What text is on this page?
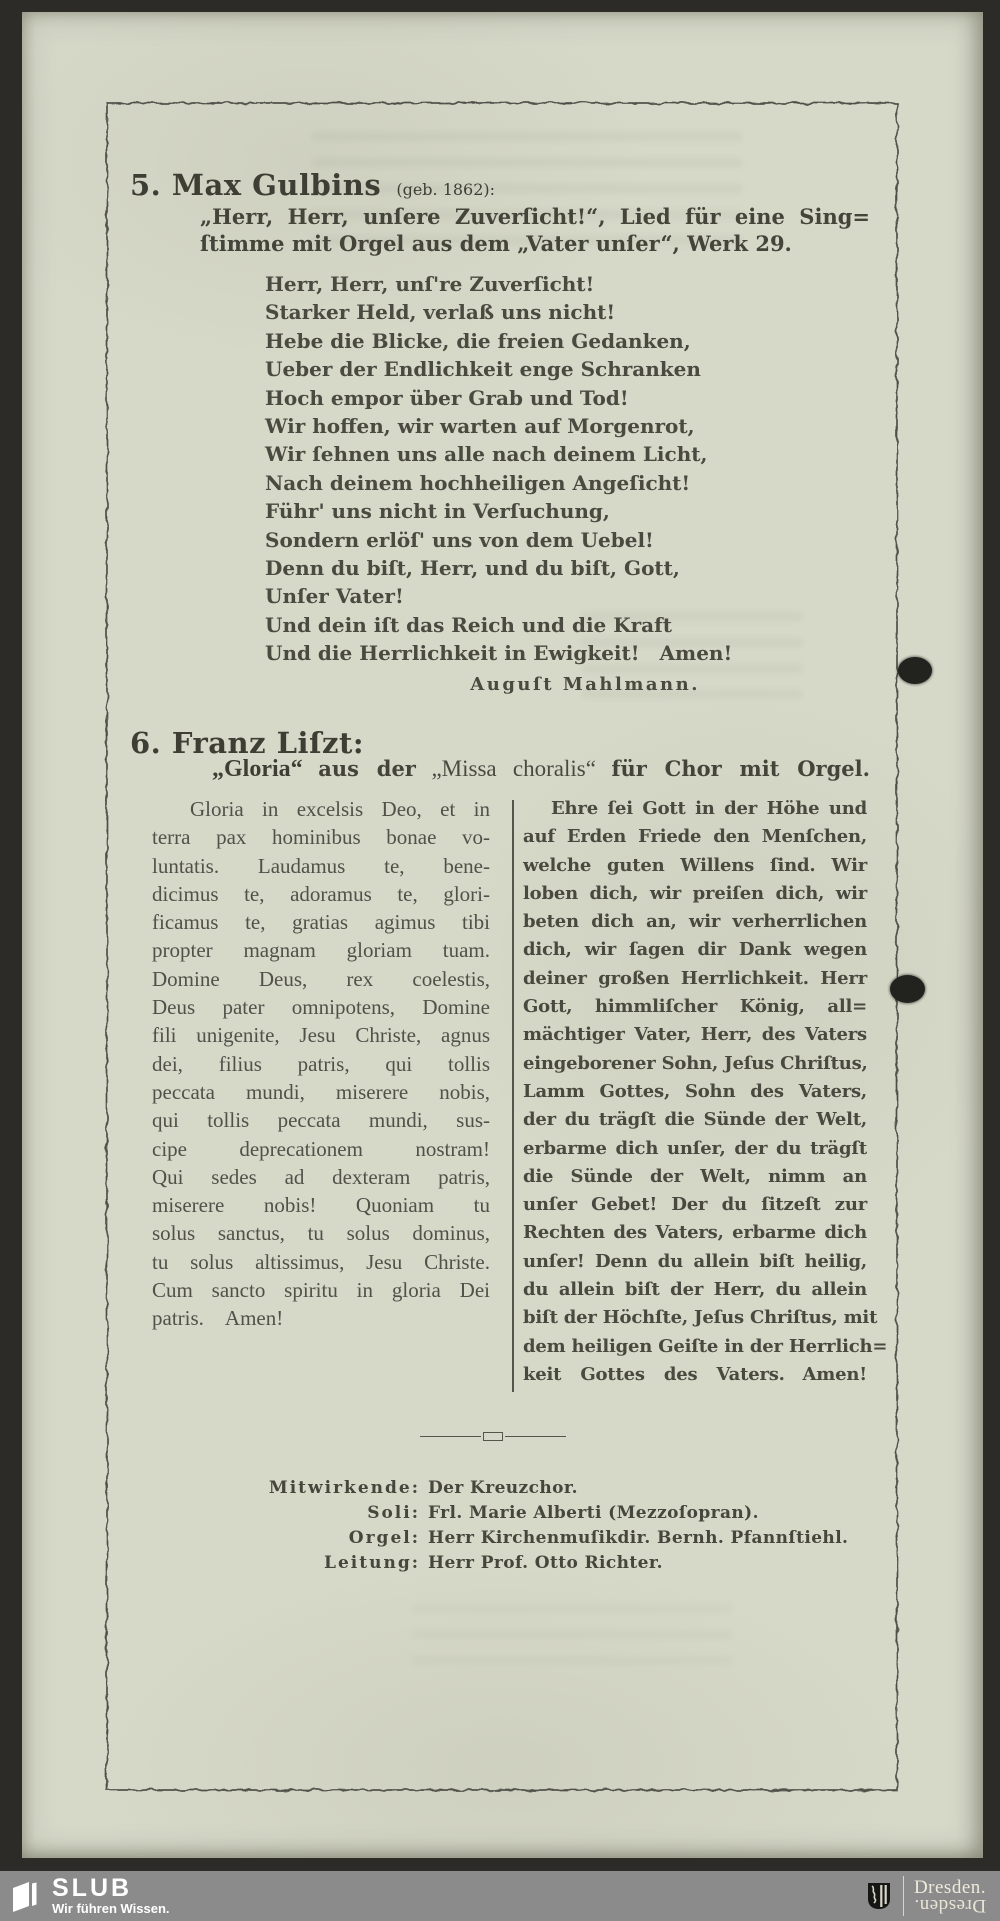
5. Max Gulbins (geb. 1862):
„Herr, Herr, unſere Zuverſicht!“, Lied für eine Sing=
ſtimme mit Orgel aus dem „Vater unſer“, Werk 29.
Herr, Herr, unſ're Zuverſicht!
Starker Held, verlaß uns nicht!
Hebe die Blicke, die freien Gedanken,
Ueber der Endlichkeit enge Schranken
Hoch empor über Grab und Tod!
Wir hoffen, wir warten auf Morgenrot,
Wir ſehnen uns alle nach deinem Licht,
Nach deinem hochheiligen Angeſicht!
Führ' uns nicht in Verſuchung,
Sondern erlöſ' uns von dem Uebel!
Denn du biſt, Herr, und du biſt, Gott,
Unſer Vater!
Und dein iſt das Reich und die Kraft
Und die Herrlichkeit in Ewigkeit! Amen!
Auguſt Mahlmann.
6. Franz Liſzt:
„Gloria“ aus der „Missa choralis“ für Chor mit Orgel.
Gloria in excelsis Deo, et in
terra pax hominibus bonae vo-
luntatis. Laudamus te, bene-
dicimus te, adoramus te, glori-
ficamus te, gratias agimus tibi
propter magnam gloriam tuam.
Domine Deus, rex coelestis,
Deus pater omnipotens, Domine
fili unigenite, Jesu Christe, agnus
dei, filius patris, qui tollis
peccata mundi, miserere nobis,
qui tollis peccata mundi, sus-
cipe deprecationem nostram!
Qui sedes ad dexteram patris,
miserere nobis! Quoniam tu
solus sanctus, tu solus dominus,
tu solus altissimus, Jesu Christe.
Cum sancto spiritu in gloria Dei
patris. Amen!
Ehre ſei Gott in der Höhe und
auf Erden Friede den Menſchen,
welche guten Willens ſind. Wir
loben dich, wir preiſen dich, wir
beten dich an, wir verherrlichen
dich, wir ſagen dir Dank wegen
deiner großen Herrlichkeit. Herr
Gott, himmliſcher König, all=
mächtiger Vater, Herr, des Vaters
eingeborener Sohn, Jeſus Chriſtus,
Lamm Gottes, Sohn des Vaters,
der du trägſt die Sünde der Welt,
erbarme dich unſer, der du trägſt
die Sünde der Welt, nimm an
unſer Gebet! Der du ſitzeſt zur
Rechten des Vaters, erbarme dich
unſer! Denn du allein biſt heilig,
du allein biſt der Herr, du allein
biſt der Höchſte, Jeſus Chriſtus, mit
dem heiligen Geiſte in der Herrlich=
keit Gottes des Vaters. Amen!
Mitwirkende: Der Kreuzchor.
Soli: Frl. Marie Alberti (Mezzoſopran).
Orgel: Herr Kirchenmuſikdir. Bernh. Pfannſtiehl.
Leitung: Herr Prof. Otto Richter.
SLUB
Wir führen Wissen.
Dresden.
Dresden.
